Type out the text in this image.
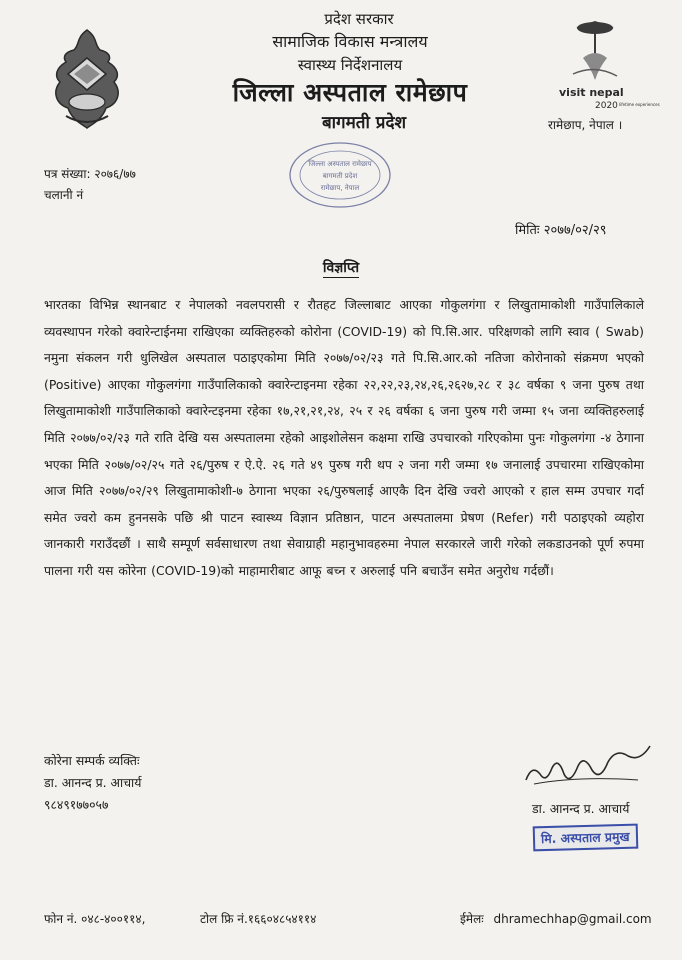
प्रदेश सरकार
सामाजिक विकास मन्त्रालय
स्वास्थ्य निर्देशनालय
जिल्ला अस्पताल रामेछाप
बागमती प्रदेश
visit nepal
2020 lifetime experiences
रामेछाप, नेपाल ।
जिल्ला अस्पताल रामेछाप
बागमती प्रदेश
रामेछाप, नेपाल
पत्र संख्या: २०७६/७७
चलानी नं
मितिः २०७७/०२/२९
विज्ञप्ति
भारतका विभिन्न स्थानबाट र नेपालको नवलपरासी र रौतहट जिल्लाबाट आएका गोकुलगंगा र लिखुतामाकोशी गाउँपालिकाले व्यवस्थापन गरेको क्वारेन्टाईनमा राखिएका व्यक्तिहरुको कोरोना (COVID-19) को पि.सि.आर. परिक्षणको लागि स्वाव ( Swab) नमुना संकलन गरी धुलिखेल अस्पताल पठाइएकोमा मिति २०७७/०२/२३ गते पि.सि.आर.को नतिजा कोरोनाको संक्रमण भएको (Positive) आएका गोकुलगंगा गाउँपालिकाको क्वारेन्टाइनमा रहेका २२,२२,२३,२४,२६,२६२७,२८ र ३८ वर्षका ९ जना पुरुष तथा लिखुतामाकोशी गाउँपालिकाको क्वारेन्टइनमा रहेका १७,२१,२१,२४, २५ र २६ वर्षका ६ जना पुरुष गरी जम्मा १५ जना व्यक्तिहरुलाई मिति २०७७/०२/२३ गते राति देखि यस अस्पतालमा रहेको आइशोलेसन कक्षमा राखि उपचारको गरिएकोमा पुनः गोकुलगंगा -४ ठेगाना भएका मिति २०७७/०२/२५ गते २६/पुरुष र ऐ.ऐ. २६ गते ४९ पुरुष गरी थप २ जना गरी जम्मा १७ जनालाई उपचारमा राखिएकोमा आज मिति २०७७/०२/२९ लिखुतामाकोशी-७ ठेगाना भएका २६/पुरुषलाई आएकै दिन देखि ज्वरो आएको र हाल सम्म उपचार गर्दा समेत ज्वरो कम हुननसके पछि श्री पाटन स्वास्थ्य विज्ञान प्रतिष्ठान, पाटन अस्पतालमा प्रेषण (Refer) गरी पठाइएको व्यहोरा जानकारी गराउँदछौं । साथै सम्पूर्ण सर्वसाधारण तथा सेवाग्राही महानुभावहरुमा नेपाल सरकारले जारी गरेको लकडाउनको पूर्ण रुपमा पालना गरी यस कोरेना (COVID-19)को माहामारीबाट आफू बच्न र अरुलाई पनि बचाउँन समेत अनुरोध गर्दछौं।
कोरेना सम्पर्क व्यक्तिः
डा. आनन्द प्र. आचार्य
९८४९१७७०५७	डा. आनन्द प्र. आचार्य
मि. अस्पताल प्रमुख
फोन नं. ०४८-४००११४,	टोल फ्रि नं.१६६०४८५४११४	ईमेलः dhramechhap@gmail.com
